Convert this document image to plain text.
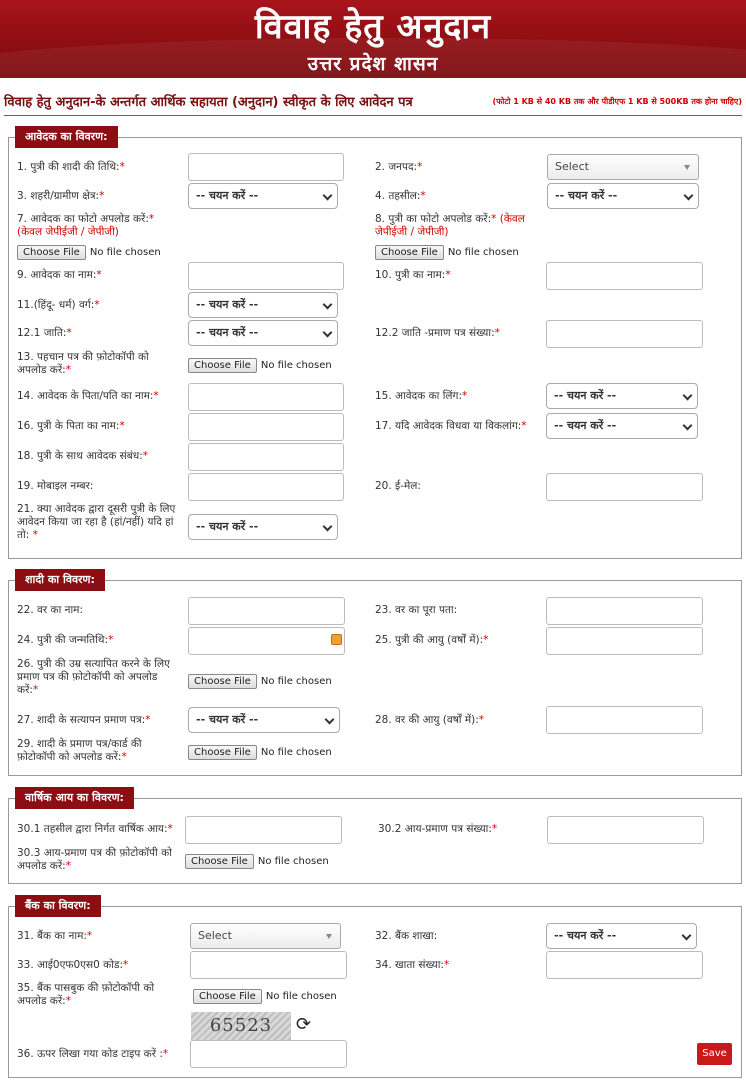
विवाह हेतु अनुदान
उत्तर प्रदेश शासन
विवाह हेतु अनुदान-के अन्तर्गत आर्थिक सहायता (अनुदान) स्वीकृत के लिए आवेदन पत्र	(फोटो 1 KB से 40 KB तक और पीडीएफ 1 KB से 500KB तक होना चाहिए)
आवेदक का विवरण:
1. पुत्री की शादी की तिथि:*	2. जनपद:*	Select
3. शहरी/ग्रामीण क्षेत्र:*	-- चयन करें --	4. तहसील:*	-- चयन करें --
7. आवेदक का फोटो अपलोड करें:*
(केवल जेपीईजी / जेपीजी)
8. पुत्री का फोटो अपलोड करें:* (केवल
जेपीईजी / जेपीजी)
Choose File No file chosen	Choose File No file chosen
9. आवेदक का नाम:*	10. पुत्री का नाम:*
11.(हिंदू- धर्म) वर्ग:*	-- चयन करें --
12.1 जाति:*	-- चयन करें --	12.2 जाति -प्रमाण पत्र संख्या:*
13. पहचान पत्र की फ़ोटोकॉपी को
अपलोड करें:*	Choose File No file chosen
14. आवेदक के पिता/पति का नाम:*	15. आवेदक का लिंग:*	-- चयन करें --
16. पुत्री के पिता का नाम:*	17. यदि आवेदक विधवा या विकलांग:*	-- चयन करें --
18. पुत्री के साथ आवेदक संबंध:*
19. मोबाइल नम्बर:	20. ई-मेल:
21. क्या आवेदक द्वारा दूसरी पुत्री के लिए
आवेदन किया जा रहा है (हां/नहीं) यदि हां
तो: *
-- चयन करें --
शादी का विवरण:
22. वर का नाम:	23. वर का पूरा पता:
24. पुत्री की जन्मतिथि:*	25. पुत्री की आयु (वर्षों में):*
26. पुत्री की उम्र सत्यापित करने के लिए
प्रमाण पत्र की फ़ोटोकॉपी को अपलोड
करें:*
Choose File No file chosen
27. शादी के सत्यापन प्रमाण पत्र:*	-- चयन करें --	28. वर की आयु (वर्षों में):*
29. शादी के प्रमाण पत्र/कार्ड की
फ़ोटोकॉपी को अपलोड करें:*	Choose File No file chosen
वार्षिक आय का विवरण:
30.1 तहसील द्वारा निर्गत वार्षिक आय:*	30.2 आय-प्रमाण पत्र संख्या:*
30.3 आय-प्रमाण पत्र की फ़ोटोकॉपी को
अपलोड करें:*	Choose File No file chosen
बैंक का विवरण:
31. बैंक का नाम:*	Select	32. बैंक शाखा:	-- चयन करें --
33. आई0एफ0एस0 कोड:*	34. खाता संख्या:*
35. बैंक पासबुक की फ़ोटोकॉपी को
अपलोड करें:*	Choose File No file chosen
65523	⟳
36. ऊपर लिखा गया कोड टाइप करें :*	Save
